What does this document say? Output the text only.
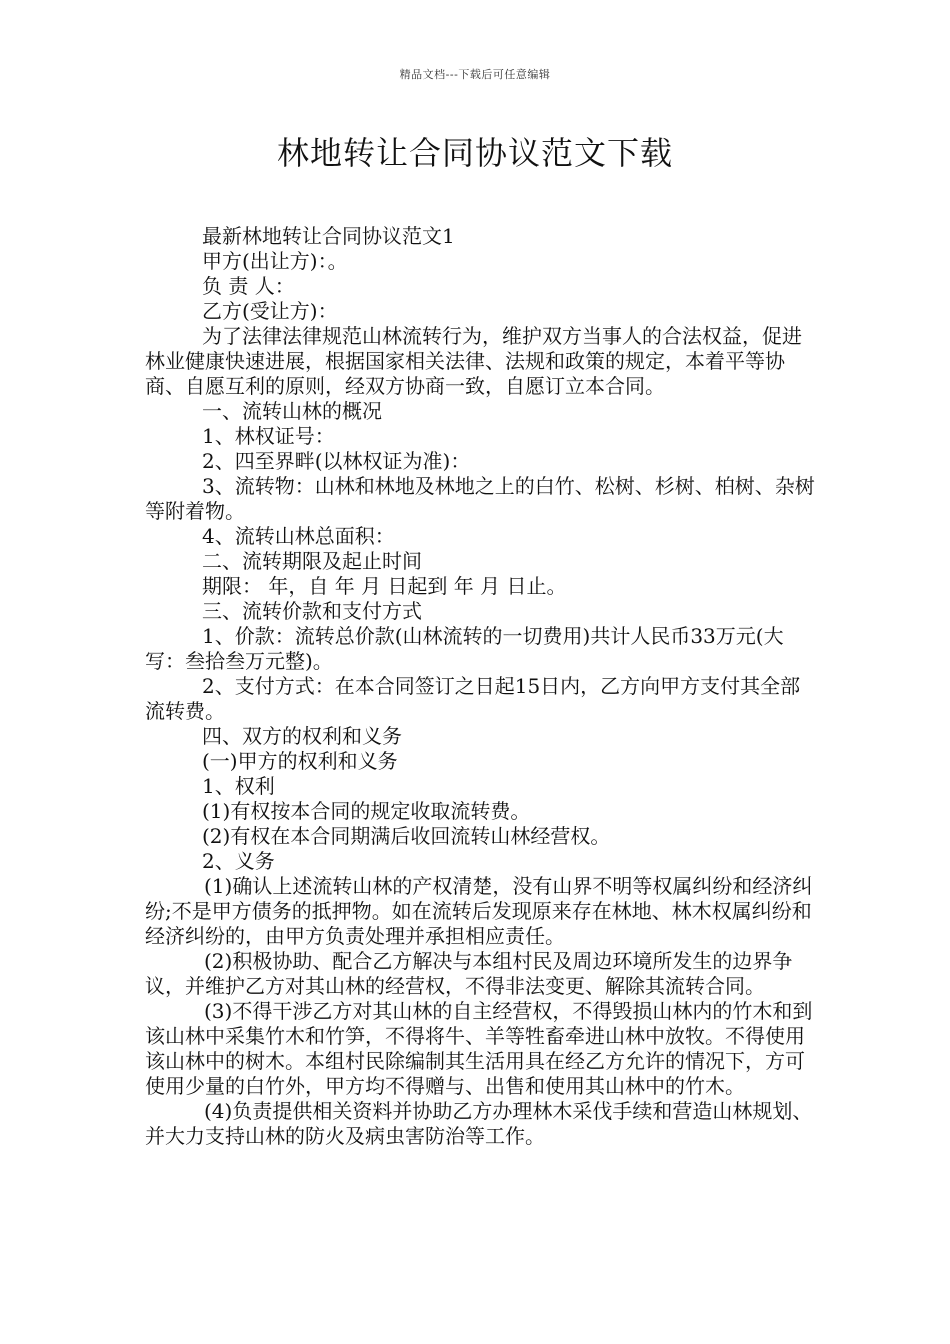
精品文档---下载后可任意编辑
林地转让合同协议范文下载

最新林地转让合同协议范文1

甲方(出让方)：。

负 责 人：

乙方(受让方)：

为了法律法律规范山林流转行为，维护双方当事人的合法权益，促进林业健康快速进展，根据国家相关法律、法规和政策的规定，本着平等协商、自愿互利的原则，经双方协商一致，自愿订立本合同。

一、流转山林的概况

1、林权证号：

2、四至界畔(以林权证为准)：

3、流转物：山林和林地及林地之上的白竹、松树、杉树、柏树、杂树等附着物。

4、流转山林总面积：

二、流转期限及起止时间

期限： 年，自 年 月 日起到 年 月 日止。

三、流转价款和支付方式

1、价款：流转总价款(山林流转的一切费用)共计人民币33万元(大写：叁拾叁万元整)。

2、支付方式：在本合同签订之日起15日内，乙方向甲方支付其全部流转费。

四、双方的权利和义务

(一)甲方的权利和义务

1、权利

(1)有权按本合同的规定收取流转费。

(2)有权在本合同期满后收回流转山林经营权。

2、义务

(1)确认上述流转山林的产权清楚，没有山界不明等权属纠纷和经济纠纷;不是甲方债务的抵押物。如在流转后发现原来存在林地、林木权属纠纷和经济纠纷的，由甲方负责处理并承担相应责任。

(2)积极协助、配合乙方解决与本组村民及周边环境所发生的边界争议，并维护乙方对其山林的经营权，不得非法变更、解除其流转合同。

(3)不得干涉乙方对其山林的自主经营权，不得毁损山林内的竹木和到该山林中采集竹木和竹笋，不得将牛、羊等牲畜牵进山林中放牧。不得使用该山林中的树木。本组村民除编制其生活用具在经乙方允许的情况下，方可使用少量的白竹外，甲方均不得赠与、出售和使用其山林中的竹木。

(4)负责提供相关资料并协助乙方办理林木采伐手续和营造山林规划、并大力支持山林的防火及病虫害防治等工作。
